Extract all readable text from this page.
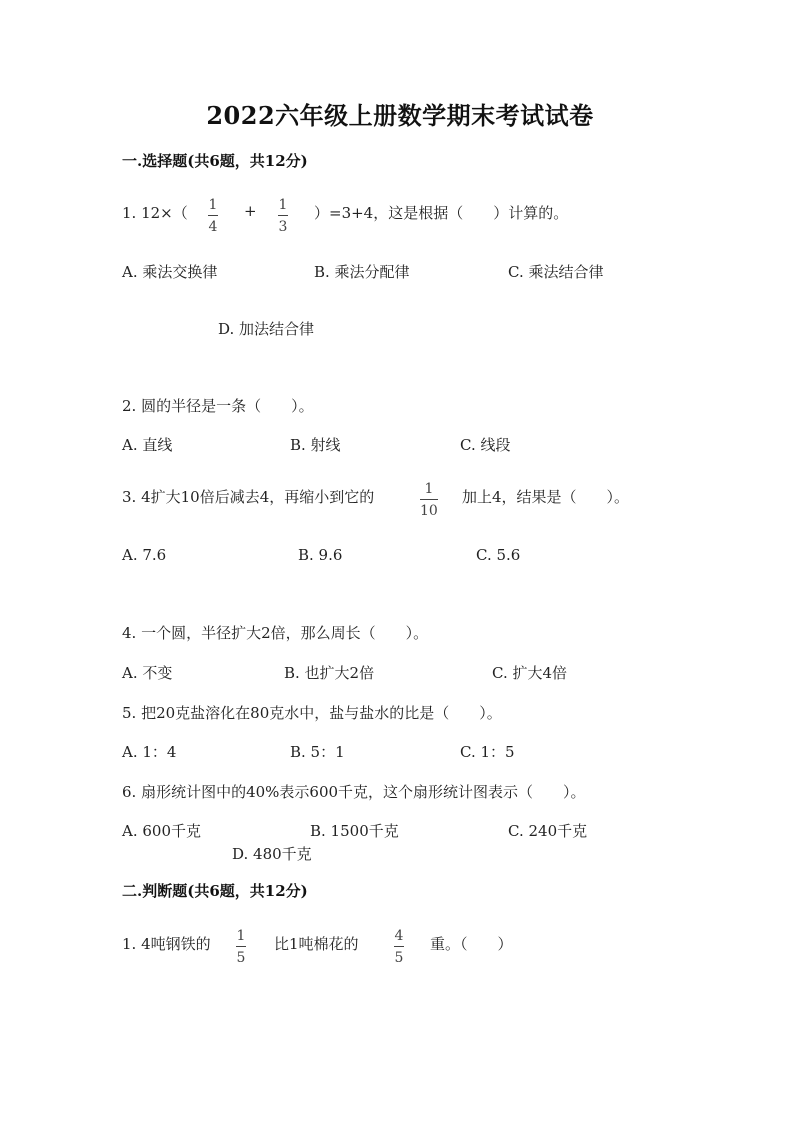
2022六年级上册数学期末考试试卷
一.选择题(共6题，共12分)
1. 12×（ 1
4
+ 1
3
）=3+4，这是根据（　　）计算的。
A. 乘法交换律	B. 乘法分配律	C. 乘法结合律
D. 加法结合律
2. 圆的半径是一条（　　）。
A. 直线	B. 射线	C. 线段
3. 4扩大10倍后减去4，再缩小到它的	1
10
加上4，结果是（　　）。
A. 7.6	B. 9.6	C. 5.6
4. 一个圆，半径扩大2倍，那么周长（　　）。
A. 不变	B. 也扩大2倍	C. 扩大4倍
5. 把20克盐溶化在80克水中，盐与盐水的比是（　　）。
A. 1：4	B. 5：1	C. 1：5
6. 扇形统计图中的40%表示600千克，这个扇形统计图表示（　　）。
A. 600千克	B. 1500千克	C. 240千克
D. 480千克
二.判断题(共6题，共12分)
1. 4吨钢铁的 1
5
比1吨棉花的	4
5
重。（　　）
